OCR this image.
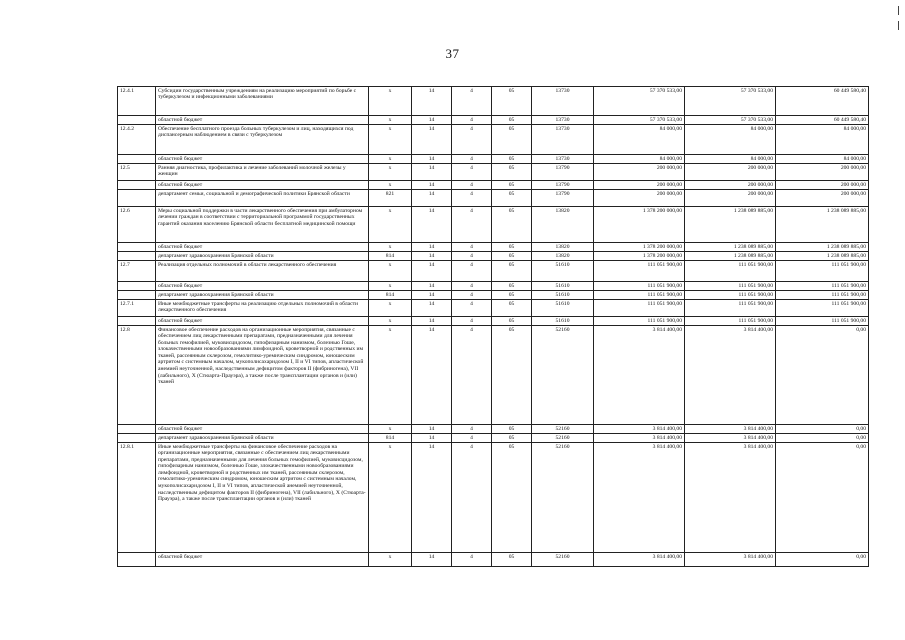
37
12.4.1	Субсидии государственным учреждениям на реализацию мероприятий по борьбе с туберкулезом и инфекционными заболеваниями	х	14	4	05	13730	57 370 533,00	57 370 533,00	60 449 580,40
	областной бюджет	х	14	4	05	13730	57 370 533,00	57 370 533,00	60 449 580,40
12.4.2	Обеспечение бесплатного проезда больных туберкулезом и лиц, находящихся под диспансерным наблюдением в связи с туберкулезом	х	14	4	05	13730	84 000,00	84 000,00	84 000,00
	областной бюджет	х	14	4	05	13730	84 000,00	84 000,00	84 000,00
12.5	Ранняя диагностика, профилактика и лечение заболеваний молочной железы у женщин	х	14	4	05	13790	200 000,00	200 000,00	200 000,00
	областной бюджет	х	14	4	05	13790	200 000,00	200 000,00	200 000,00
	департамент семьи, социальной и демографической политики Брянской области	821	14	4	05	13790	200 000,00	200 000,00	200 000,00
12.6	Меры социальной поддержки в части лекарственного обеспечения при амбулаторном лечении граждан в соответствии с территориальной программой государственных гарантий оказания населению Брянской области бесплатной медицинской помощи	х	14	4	05	13820	1 378 200 000,00	1 238 089 885,00	1 238 089 885,00
	областной бюджет	х	14	4	05	13820	1 378 200 000,00	1 238 089 885,00	1 238 089 885,00
	департамент здравоохранения Брянской области	814	14	4	05	13820	1 378 200 000,00	1 238 089 885,00	1 238 089 885,00
12.7	Реализация отдельных полномочий в области лекарственного обеспечения	х	14	4	05	51610	111 051 900,00	111 051 900,00	111 051 900,00
	областной бюджет	х	14	4	05	51610	111 051 900,00	111 051 900,00	111 051 900,00
	департамент здравоохранения Брянской области	814	14	4	05	51610	111 051 900,00	111 051 900,00	111 051 900,00
12.7.1	Иные межбюджетные трансферты на реализацию отдельных полномочий в области лекарственного обеспечения	х	14	4	05	51610	111 051 900,00	111 051 900,00	111 051 900,00
	областной бюджет	х	14	4	05	51610	111 051 900,00	111 051 900,00	111 051 900,00
12.8	Финансовое обеспечение расходов на организационные мероприятия, связанные с обеспечением лиц лекарственными препаратами, предназначенными для лечения больных гемофилией, муковисцидозом, гипофизарным нанизмом, болезнью Гоше, злокачественными новообразованиями лимфоидной, кроветворной и родственных им тканей, рассеянным склерозом, гемолитико-уремическим синдромом, юношеским артритом с системным началом, мукополисахаридозом I, II и VI типов, апластической анемией неуточненной, наследственным дефицитом факторов II (фибриногена), VII (лабильного), X (Стюарта-Прауэра), а также после трансплантации органов и (или) тканей	х	14	4	05	52160	3 814 400,00	3 814 400,00	0,00
	областной бюджет	х	14	4	05	52160	3 814 400,00	3 814 400,00	0,00
	департамент здравоохранения Брянской области	814	14	4	05	52160	3 814 400,00	3 814 400,00	0,00
12.8.1	Иные межбюджетные трансферты на финансовое обеспечение расходов на организационные мероприятия, связанные с обеспечением лиц лекарственными препаратами, предназначенными для лечения больных гемофилией, муковисцидозом, гипофизарным нанизмом, болезнью Гоше, злокачественными новообразованиями лимфоидной, кроветворной и родственных им тканей, рассеянным склерозом, гемолитико-уремическим синдромом, юношеским артритом с системным началом, мукополисахаридозом I, II и VI типов, апластической анемией неуточненной, наследственным дефицитом факторов II (фибриногена), VII (лабильного), X (Стюарта-Прауэра), а также после трансплантации органов и (или) тканей	х	14	4	05	52160	3 814 400,00	3 814 400,00	0,00
	областной бюджет	х	14	4	05	52160	3 814 400,00	3 814 400,00	0,00
